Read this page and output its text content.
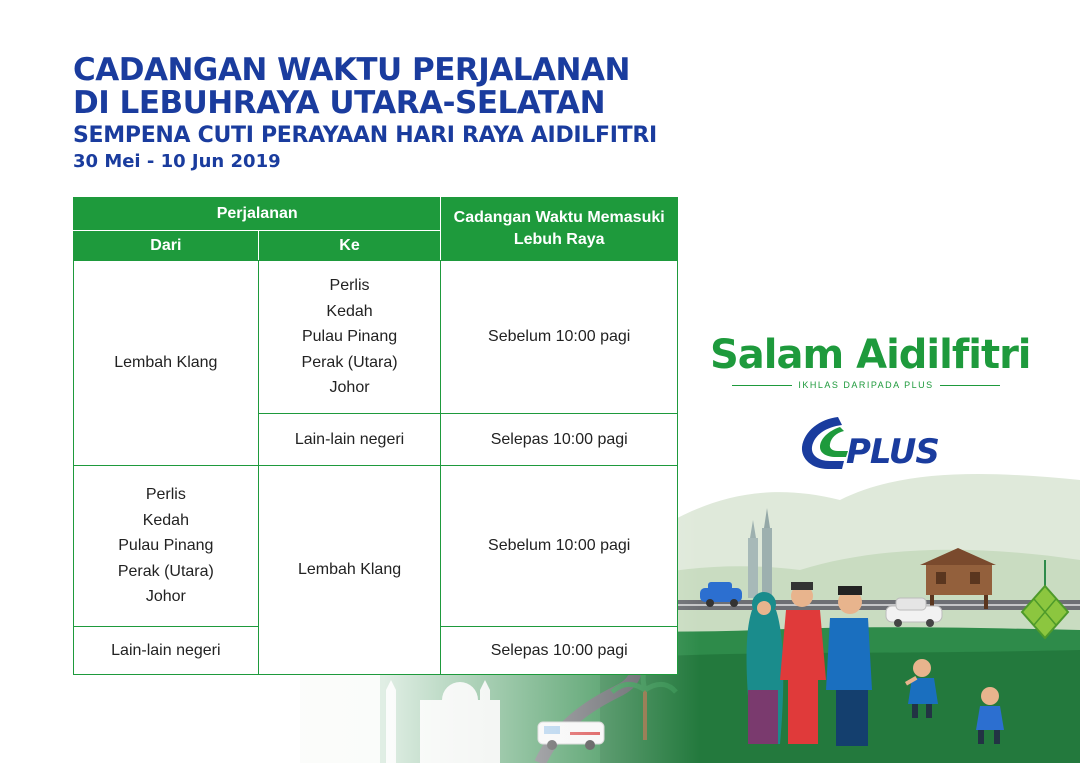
CADANGAN WAKTU PERJALANAN
DI LEBUHRAYA UTARA-SELATAN
SEMPENA CUTI PERAYAAN HARI RAYA AIDILFITRI
30 Mei - 10 Jun 2019
Perjalanan		Cadangan Waktu Memasuki Lebuh Raya
Dari	Ke	

Lembah Klang	Perlis
Kedah
Pulau Pinang
Perak (Utara)
Johor	Sebelum 10:00 pagi

	Lain-lain negeri	Selepas 10:00 pagi

Perlis
Kedah
Pulau Pinang
Perak (Utara)
Johor	Lembah Klang	Sebelum 10:00 pagi

Lain-lain negeri		Selepas 10:00 pagi
Salam Aidilfitri
IKHLAS DARIPADA PLUS
PLUS
